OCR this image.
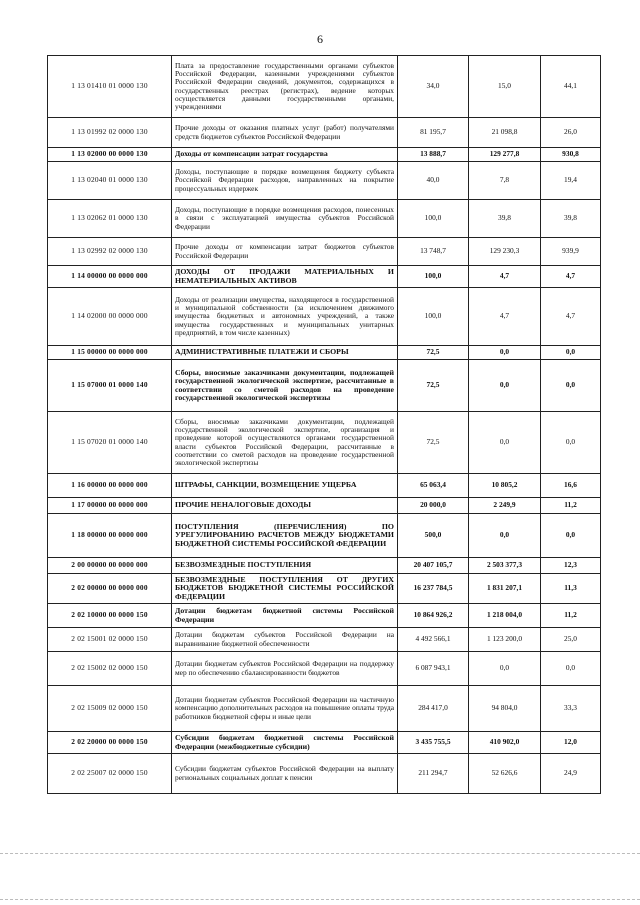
6
1 13 01410 01 0000 130	Плата за предоставление государственными органами субъектов Российской Федерации, казенными учреждениями субъектов Российской Федерации сведений, документов, содержащихся в государственных реестрах (регистрах), ведение которых осуществляется данными государственными органами, учреждениями	34,0	15,0	44,1
1 13 01992 02 0000 130	Прочие доходы от оказания платных услуг (работ) получателями средств бюджетов субъектов Российской Федерации	81 195,7	21 098,8	26,0
1 13 02000 00 0000 130	Доходы от компенсации затрат государства	13 888,7	129 277,8	930,8
1 13 02040 01 0000 130	Доходы, поступающие в порядке возмещения бюджету субъекта Российской Федерации расходов, направленных на покрытие процессуальных издержек	40,0	7,8	19,4
1 13 02062 01 0000 130	Доходы, поступающие в порядке возмещения расходов, понесенных в связи с эксплуатацией имущества субъектов Российской Федерации	100,0	39,8	39,8
1 13 02992 02 0000 130	Прочие доходы от компенсации затрат бюджетов субъектов Российской Федерации	13 748,7	129 230,3	939,9
1 14 00000 00 0000 000	ДОХОДЫ ОТ ПРОДАЖИ МАТЕРИАЛЬНЫХ И НЕМАТЕРИАЛЬНЫХ АКТИВОВ	100,0	4,7	4,7
1 14 02000 00 0000 000	Доходы от реализации имущества, находящегося в государственной и муниципальной собственности (за исключением движимого имущества бюджетных и автономных учреждений, а также имущества государственных и муниципальных унитарных предприятий, в том числе казенных)	100,0	4,7	4,7
1 15 00000 00 0000 000	АДМИНИСТРАТИВНЫЕ ПЛАТЕЖИ И СБОРЫ	72,5	0,0	0,0
1 15 07000 01 0000 140	Сборы, вносимые заказчиками документации, подлежащей государственной экологической экспертизе, рассчитанные в соответствии со сметой расходов на проведение государственной экологической экспертизы	72,5	0,0	0,0
1 15 07020 01 0000 140	Сборы, вносимые заказчиками документации, подлежащей государственной экологической экспертизе, организация и проведение которой осуществляются органами государственной власти субъектов Российской Федерации, рассчитанные в соответствии со сметой расходов на проведение государственной экологической экспертизы	72,5	0,0	0,0
1 16 00000 00 0000 000	ШТРАФЫ, САНКЦИИ, ВОЗМЕЩЕНИЕ УЩЕРБА	65 063,4	10 805,2	16,6
1 17 00000 00 0000 000	ПРОЧИЕ НЕНАЛОГОВЫЕ ДОХОДЫ	20 000,0	2 249,9	11,2
1 18 00000 00 0000 000	ПОСТУПЛЕНИЯ (ПЕРЕЧИСЛЕНИЯ) ПО УРЕГУЛИРОВАНИЮ РАСЧЕТОВ МЕЖДУ БЮДЖЕТАМИ БЮДЖЕТНОЙ СИСТЕМЫ РОССИЙСКОЙ ФЕДЕРАЦИИ	500,0	0,0	0,0
2 00 00000 00 0000 000	БЕЗВОЗМЕЗДНЫЕ ПОСТУПЛЕНИЯ	20 407 105,7	2 503 377,3	12,3
2 02 00000 00 0000 000	БЕЗВОЗМЕЗДНЫЕ ПОСТУПЛЕНИЯ ОТ ДРУГИХ БЮДЖЕТОВ БЮДЖЕТНОЙ СИСТЕМЫ РОССИЙСКОЙ ФЕДЕРАЦИИ	16 237 784,5	1 831 207,1	11,3
2 02 10000 00 0000 150	Дотации бюджетам бюджетной системы Российской Федерации	10 864 926,2	1 218 004,0	11,2
2 02 15001 02 0000 150	Дотации бюджетам субъектов Российской Федерации на выравнивание бюджетной обеспеченности	4 492 566,1	1 123 200,0	25,0
2 02 15002 02 0000 150	Дотации бюджетам субъектов Российской Федерации на поддержку мер по обеспечению сбалансированности бюджетов	6 087 943,1	0,0	0,0
2 02 15009 02 0000 150	Дотации бюджетам субъектов Российской Федерации на частичную компенсацию дополнительных расходов на повышение оплаты труда работников бюджетной сферы и иные цели	284 417,0	94 804,0	33,3
2 02 20000 00 0000 150	Субсидии бюджетам бюджетной системы Российской Федерации (межбюджетные субсидии)	3 435 755,5	410 902,0	12,0
2 02 25007 02 0000 150	Субсидии бюджетам субъектов Российской Федерации на выплату региональных социальных доплат к пенсии	211 294,7	52 626,6	24,9
